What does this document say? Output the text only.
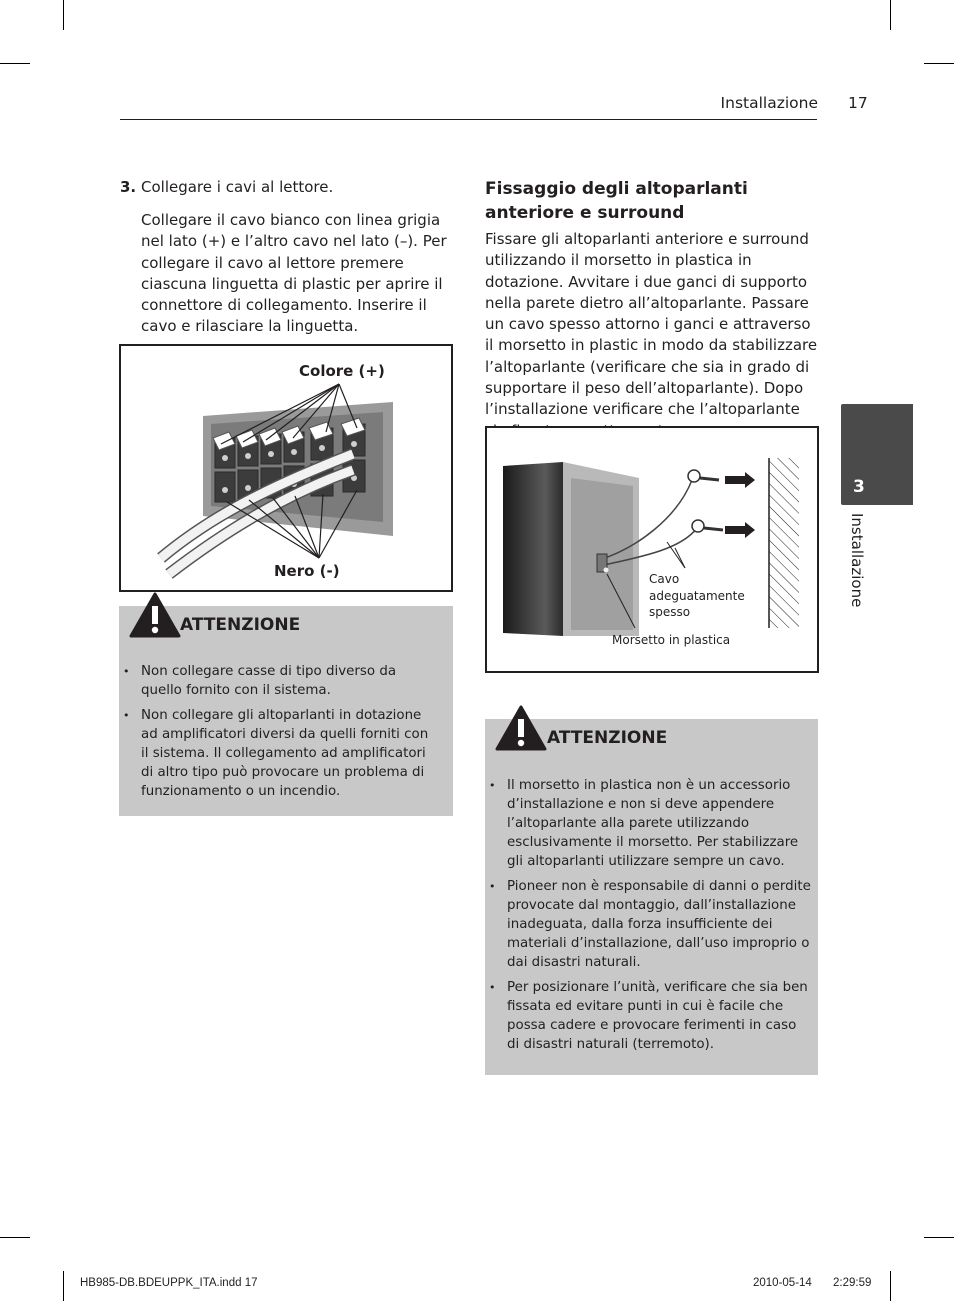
Installazione 17
3. Collegare i cavi al lettore.
Collegare il cavo bianco con linea grigia nel lato (+) e l’altro cavo nel lato (–). Per collegare il cavo al lettore premere ciascuna linguetta di plastic per aprire il connettore di collegamento. Inserire il cavo e rilasciare la linguetta.
Colore (+)
Nero (-)
ATTENZIONE
• Non collegare casse di tipo diverso da quello fornito con il sistema.
• Non collegare gli altoparlanti in dotazione ad amplificatori diversi da quelli forniti con il sistema. Il collegamento ad amplificatori di altro tipo può provocare un problema di funzionamento o un incendio.
Fissaggio degli altoparlanti anteriore e surround
Fissare gli altoparlanti anteriore e surround utilizzando il morsetto in plastica in dotazione. Avvitare i due ganci di supporto nella parete dietro all’altoparlante. Passare un cavo spesso attorno i ganci e attraverso il morsetto in plastic in modo da stabilizzare l’altoparlante (verificare che sia in grado di supportare il peso dell’altoparlante). Dopo l’installazione verificare che l’altoparlante
Cavo
adeguatamente
spesso
Morsetto in plastica
ATTENZIONE
• Il morsetto in plastica non è un accessorio d’installazione e non si deve appendere l’altoparlante alla parete utilizzando esclusivamente il morsetto. Per stabilizzare gli altoparlanti utilizzare sempre un cavo.
• Pioneer non è responsabile di danni o perdite provocate dal montaggio, dall’installazione inadeguata, dalla forza insufficiente dei materiali d’installazione, dall’uso improprio o dai disastri naturali.
• Per posizionare l’unità, verificare che sia ben fissata ed evitare punti in cui è facile che possa cadere e provocare ferimenti in caso di disastri naturali (terremoto).
3
Installazione
HB985-DB.BDEUPPK_ITA.indd 17	2010-05-14 2:29:59
